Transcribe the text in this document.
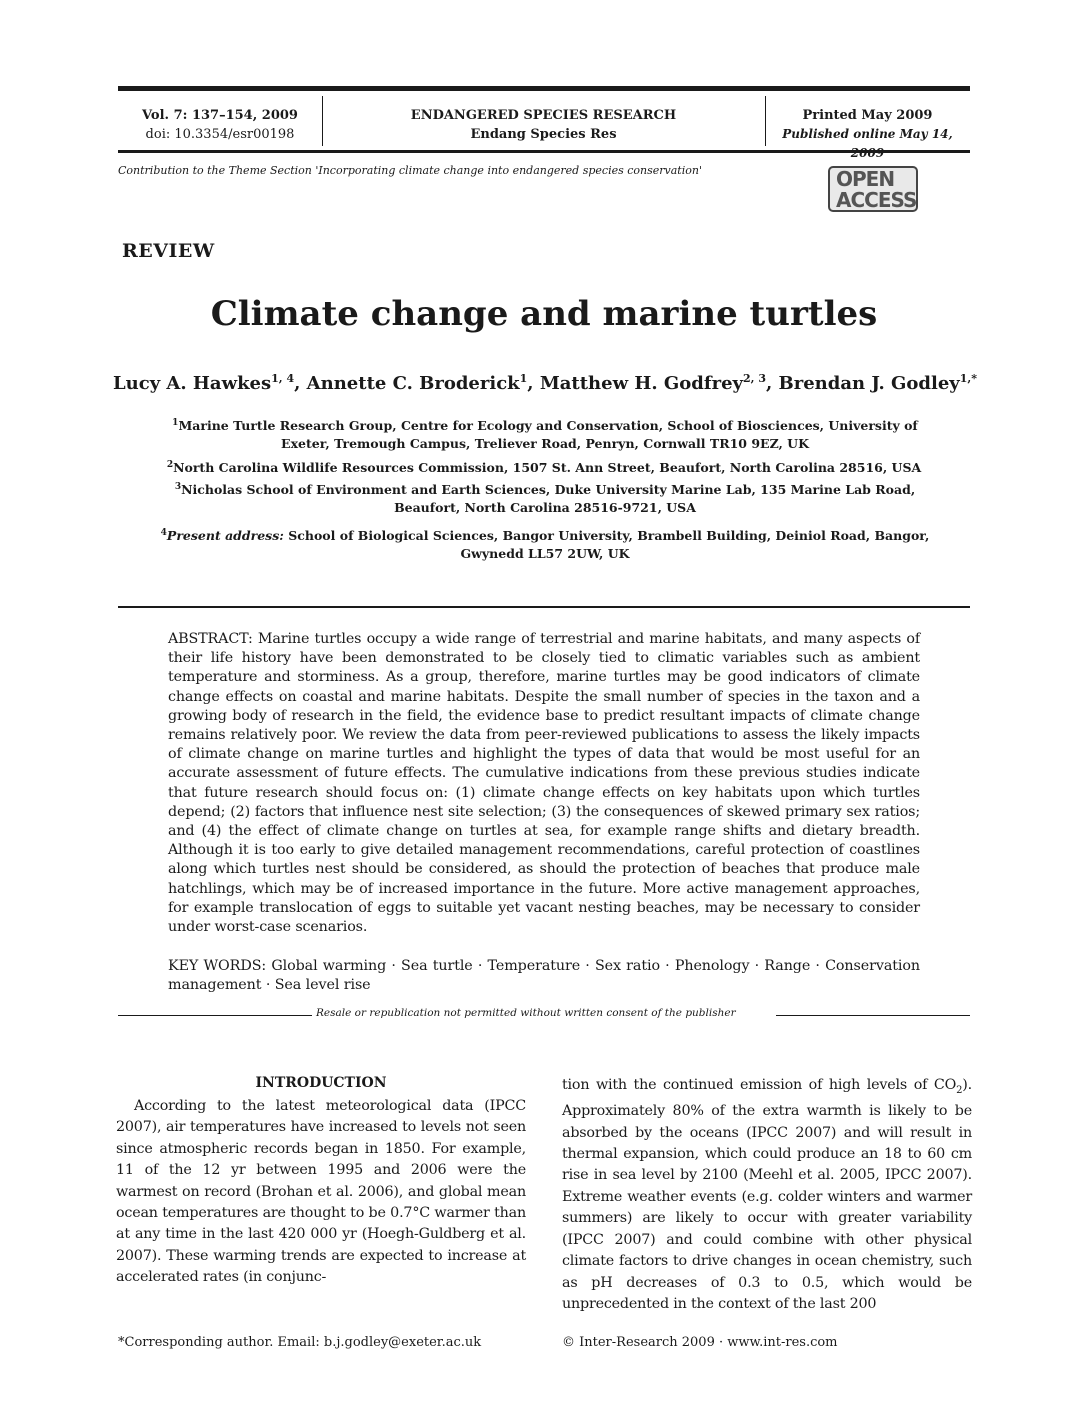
Vol. 7: 137–154, 2009
doi: 10.3354/esr00198
ENDANGERED SPECIES RESEARCH
Endang Species Res
Printed May 2009
Published online May 14, 2009
Contribution to the Theme Section 'Incorporating climate change into endangered species conservation'	OPEN
ACCESS
REVIEW
Climate change and marine turtles
Lucy A. Hawkes$^{1, 4}$, Annette C. Broderick$^1$, Matthew H. Godfrey$^{2, 3}$, Brendan J. Godley$^{1,*}$
$^1$Marine Turtle Research Group, Centre for Ecology and Conservation, School of Biosciences, University of Exeter, Tremough Campus, Treliever Road, Penryn, Cornwall TR10 9EZ, UK
$^2$North Carolina Wildlife Resources Commission, 1507 St. Ann Street, Beaufort, North Carolina 28516, USA
$^3$Nicholas School of Environment and Earth Sciences, Duke University Marine Lab, 135 Marine Lab Road, Beaufort, North Carolina 28516-9721, USA
$^4$Present address: School of Biological Sciences, Bangor University, Brambell Building, Deiniol Road, Bangor, Gwynedd LL57 2UW, UK
ABSTRACT: Marine turtles occupy a wide range of terrestrial and marine habitats, and many aspects of their life history have been demonstrated to be closely tied to climatic variables such as ambient temperature and storminess. As a group, therefore, marine turtles may be good indicators of climate change effects on coastal and marine habitats. Despite the small number of species in the taxon and a growing body of research in the field, the evidence base to predict resultant impacts of climate change remains relatively poor. We review the data from peer-reviewed publications to assess the likely impacts of climate change on marine turtles and highlight the types of data that would be most useful for an accurate assessment of future effects. The cumulative indications from these previous studies indicate that future research should focus on: (1) climate change effects on key habitats upon which turtles depend; (2) factors that influence nest site selection; (3) the consequences of skewed primary sex ratios; and (4) the effect of climate change on turtles at sea, for example range shifts and dietary breadth. Although it is too early to give detailed management recommendations, careful protection of coastlines along which turtles nest should be considered, as should the protection of beaches that produce male hatchlings, which may be of increased importance in the future. More active management approaches, for example translocation of eggs to suitable yet vacant nesting beaches, may be necessary to consider under worst-case scenarios.
KEY WORDS: Global warming · Sea turtle · Temperature · Sex ratio · Phenology · Range · Conservation management · Sea level rise
Resale or republication not permitted without written consent of the publisher
INTRODUCTION
According to the latest meteorological data (IPCC 2007), air temperatures have increased to levels not seen since atmospheric records began in 1850. For example, 11 of the 12 yr between 1995 and 2006 were the warmest on record (Brohan et al. 2006), and global mean ocean temperatures are thought to be 0.7°C warmer than at any time in the last 420 000 yr (Hoegh-Guldberg et al. 2007). These warming trends are expected to increase at accelerated rates (in conjunc-
tion with the continued emission of high levels of $CO_2$). Approximately 80% of the extra warmth is likely to be absorbed by the oceans (IPCC 2007) and will result in thermal expansion, which could produce an 18 to 60 cm rise in sea level by 2100 (Meehl et al. 2005, IPCC 2007). Extreme weather events (e.g. colder winters and warmer summers) are likely to occur with greater variability (IPCC 2007) and could combine with other physical climate factors to drive changes in ocean chemistry, such as pH decreases of 0.3 to 0.5, which would be unprecedented in the context of the last 200
*Corresponding author. Email: b.j.godley@exeter.ac.uk	© Inter-Research 2009 · www.int-res.com
